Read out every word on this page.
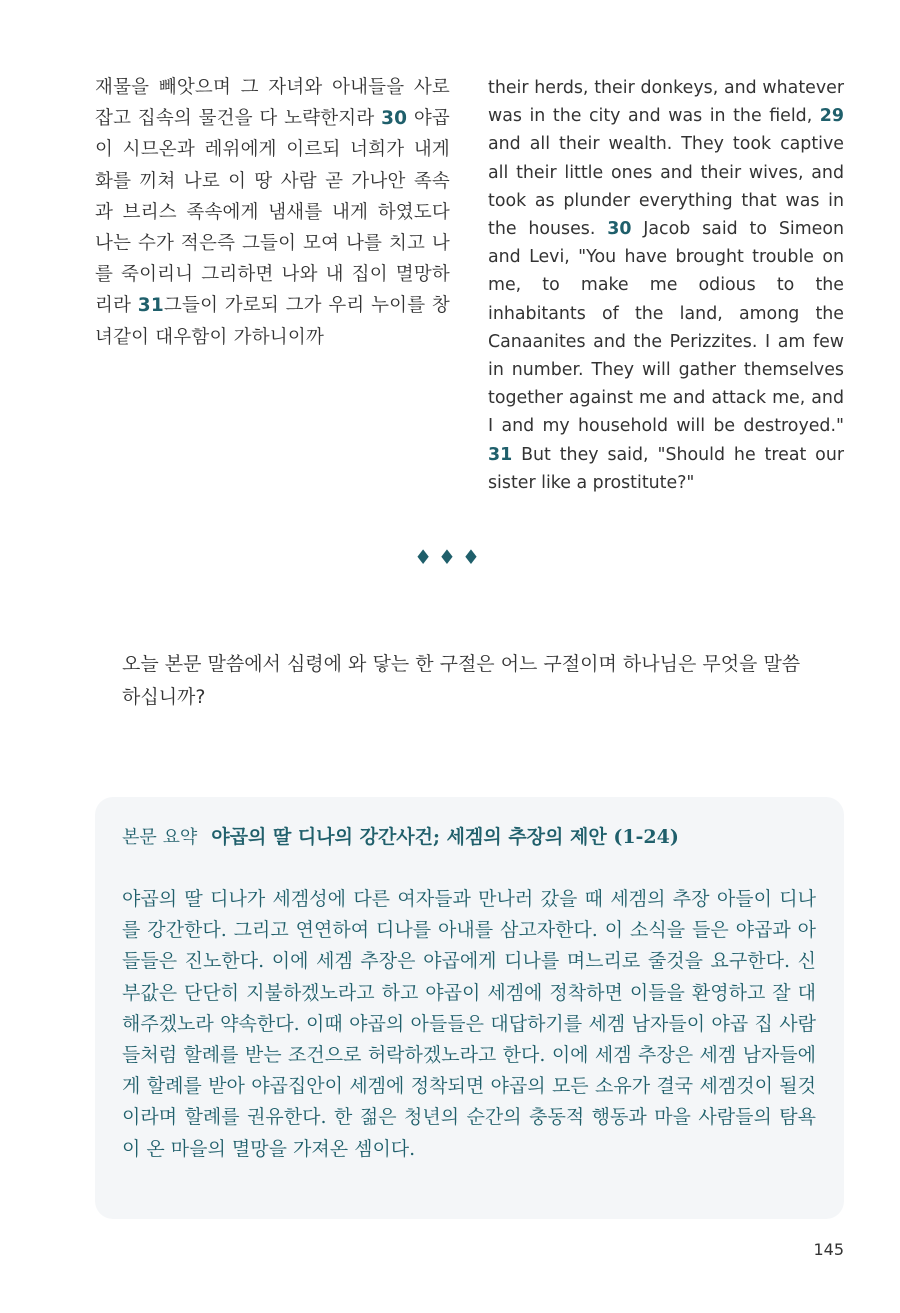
재물을 빼앗으며 그 자녀와 아내들을 사로잡고 집속의 물건을 다 노략한지라 30 야곱이 시므온과 레위에게 이르되 너희가 내게 화를 끼쳐 나로 이 땅 사람 곧 가나안 족속과 브리스 족속에게 냄새를 내게 하였도다 나는 수가 적은즉 그들이 모여 나를 치고 나를 죽이리니 그리하면 나와 내 집이 멸망하리라 31그들이 가로되 그가 우리 누이를 창녀같이 대우함이 가하니이까
their herds, their donkeys, and whatever was in the city and was in the field, 29 and all their wealth. They took captive all their little ones and their wives, and took as plunder everything that was in the houses. 30 Jacob said to Simeon and Levi, "You have brought trouble on me, to make me odious to the inhabitants of the land, among the Canaanites and the Perizzites. I am few in number. They will gather themselves together against me and attack me, and I and my household will be destroyed." 31 But they said, "Should he treat our sister like a prostitute?"
♦♦♦
오늘 본문 말씀에서 심령에 와 닿는 한 구절은 어느 구절이며 하나님은 무엇을 말씀하십니까?
본문 요약 야곱의 딸 디나의 강간사건; 세겜의 추장의 제안 (1-24)
야곱의 딸 디나가 세겜성에 다른 여자들과 만나러 갔을 때 세겜의 추장 아들이 디나를 강간한다. 그리고 연연하여 디나를 아내를 삼고자한다. 이 소식을 들은 야곱과 아들들은 진노한다. 이에 세겜 추장은 야곱에게 디나를 며느리로 줄것을 요구한다. 신부값은 단단히 지불하겠노라고 하고 야곱이 세겜에 정착하면 이들을 환영하고 잘 대해주겠노라 약속한다. 이때 야곱의 아들들은 대답하기를 세겜 남자들이 야곱 집 사람들처럼 할례를 받는 조건으로 허락하겠노라고 한다. 이에 세겜 추장은 세겜 남자들에게 할례를 받아 야곱집안이 세겜에 정착되면 야곱의 모든 소유가 결국 세겜것이 될것이라며 할례를 권유한다. 한 젊은 청년의 순간의 충동적 행동과 마을 사람들의 탐욕이 온 마을의 멸망을 가져온 셈이다.
145
